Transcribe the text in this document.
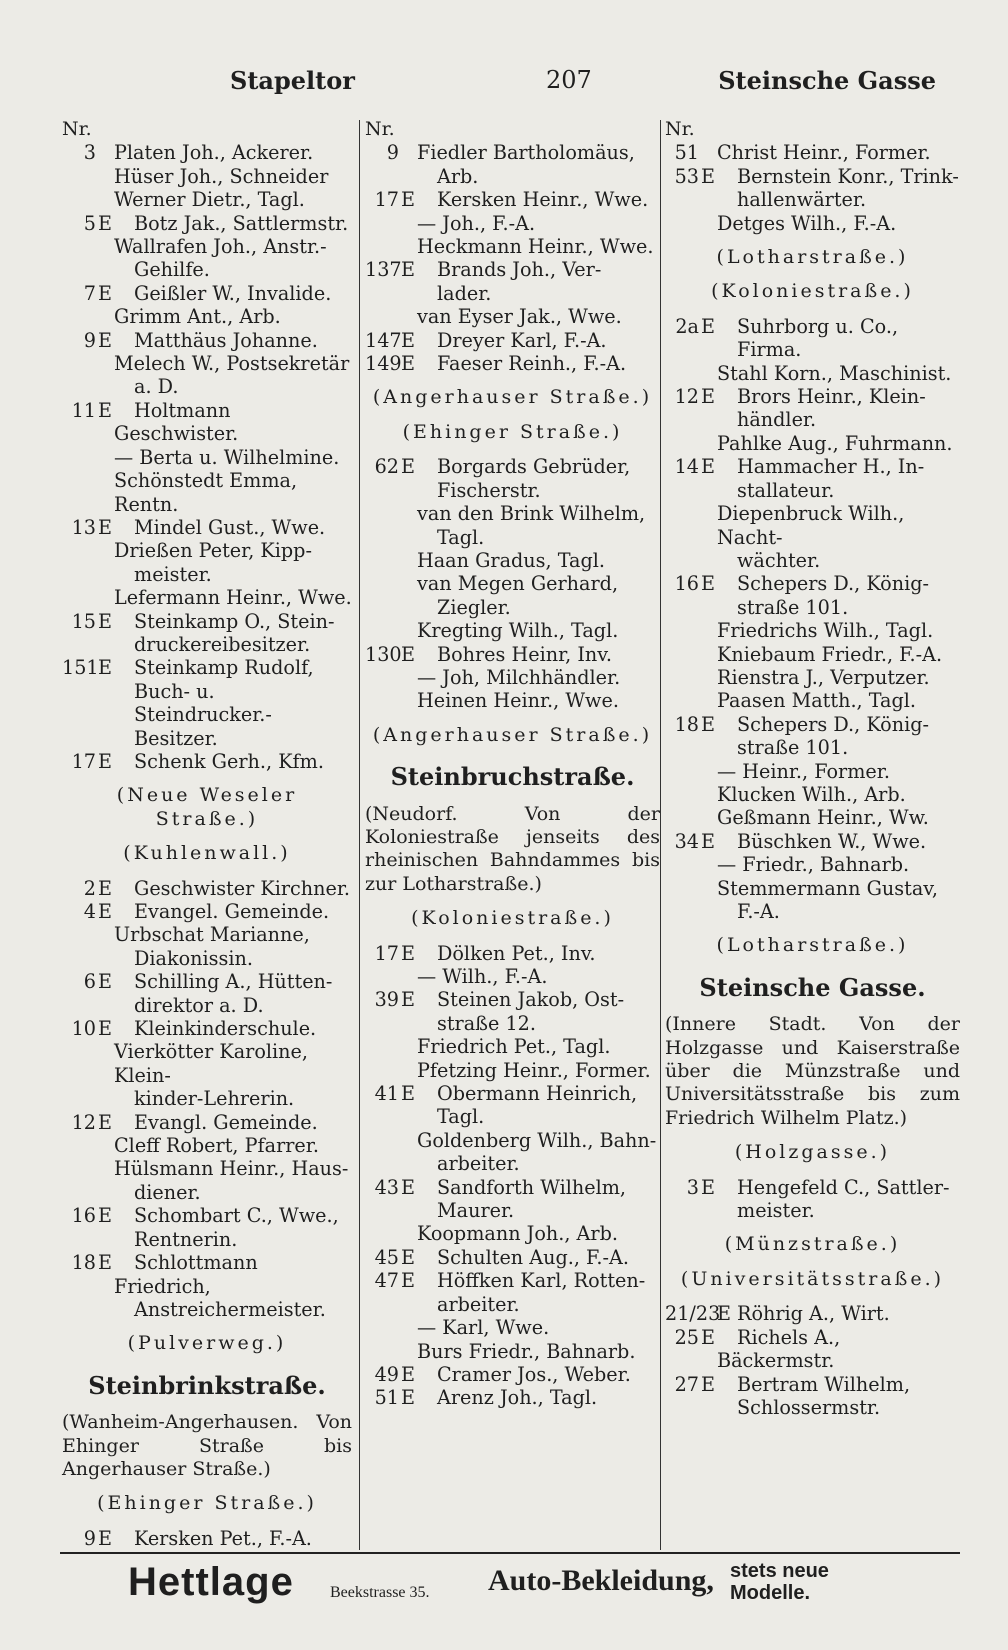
Stapeltor	207	Steinsche Gasse
Nr.
3 Platen Joh., Ackerer.
Hüser Joh., Schneider
Werner Dietr., Tagl.
5 E Botz Jak., Sattlermstr.
Wallrafen Joh., Anstr.-
Gehilfe.
7 E Geißler W., Invalide.
Grimm Ant., Arb.
9 E Matthäus Johanne.
Melech W., Postsekretär
a. D.
11 E Holtmann Geschwister.
— Berta u. Wilhelmine.
Schönstedt Emma, Rentn.
13 E Mindel Gust., Wwe.
Drießen Peter, Kipp-
meister.
Lefermann Heinr., Wwe.
15 E Steinkamp O., Stein-
druckereibesitzer.
151 E Steinkamp Rudolf,
Buch- u. Steindrucker.-
Besitzer.
17 E Schenk Gerh., Kfm.
(Neue Weseler Straße.)
(Kuhlenwall.)
2 E Geschwister Kirchner.
4 E Evangel. Gemeinde.
Urbschat Marianne,
Diakonissin.
6 E Schilling A., Hütten-
direktor a. D.
10 E Kleinkinderschule.
Vierkötter Karoline, Klein-
kinder-Lehrerin.
12 E Evangl. Gemeinde.
Cleff Robert, Pfarrer.
Hülsmann Heinr., Haus-
diener.
16 E Schombart C., Wwe.,
Rentnerin.
18 E Schlottmann Friedrich,
Anstreichermeister.
(Pulverweg.)
Steinbrinkstraße.
(Wanheim-Angerhausen. Von Ehinger Straße bis Angerhauser Straße.)
(Ehinger Straße.)
9 E Kersken Pet., F.-A.
Nr.
9 Fiedler Bartholomäus,
Arb.
17 E Kersken Heinr., Wwe.
— Joh., F.-A.
Heckmann Heinr., Wwe.
137 E Brands Joh., Ver-
lader.
van Eyser Jak., Wwe.
147 E Dreyer Karl, F.-A.
149 E Faeser Reinh., F.-A.
(Angerhauser Straße.)
(Ehinger Straße.)
62 E Borgards Gebrüder,
Fischerstr.
van den Brink Wilhelm,
Tagl.
Haan Gradus, Tagl.
van Megen Gerhard,
Ziegler.
Kregting Wilh., Tagl.
130 E Bohres Heinr, Inv.
— Joh, Milchhändler.
Heinen Heinr., Wwe.
(Angerhauser Straße.)
Steinbruchstraße.
(Neudorf. Von der Koloniestraße jenseits des rheinischen Bahndammes bis zur Lotharstraße.)
(Koloniestraße.)
17 E Dölken Pet., Inv.
— Wilh., F.-A.
39 E Steinen Jakob, Ost-
straße 12.
Friedrich Pet., Tagl.
Pfetzing Heinr., Former.
41 E Obermann Heinrich,
Tagl.
Goldenberg Wilh., Bahn-
arbeiter.
43 E Sandforth Wilhelm,
Maurer.
Koopmann Joh., Arb.
45 E Schulten Aug., F.-A.
47 E Höffken Karl, Rotten-
arbeiter.
— Karl, Wwe.
Burs Friedr., Bahnarb.
49 E Cramer Jos., Weber.
51 E Arenz Joh., Tagl.
Nr.
51 Christ Heinr., Former.
53 E Bernstein Konr., Trink-
hallenwärter.
Detges Wilh., F.-A.
(Lotharstraße.)
(Koloniestraße.)
2a E Suhrborg u. Co.,
Firma.
Stahl Korn., Maschinist.
12 E Brors Heinr., Klein-
händler.
Pahlke Aug., Fuhrmann.
14 E Hammacher H., In-
stallateur.
Diepenbruck Wilh., Nacht-
wächter.
16 E Schepers D., König-
straße 101.
Friedrichs Wilh., Tagl.
Kniebaum Friedr., F.-A.
Rienstra J., Verputzer.
Paasen Matth., Tagl.
18 E Schepers D., König-
straße 101.
— Heinr., Former.
Klucken Wilh., Arb.
Geßmann Heinr., Ww.
34 E Büschken W., Wwe.
— Friedr., Bahnarb.
Stemmermann Gustav,
F.-A.
(Lotharstraße.)
Steinsche Gasse.
(Innere Stadt. Von der Holzgasse und Kaiserstraße über die Münzstraße und Universitätsstraße bis zum Friedrich Wilhelm Platz.)
(Holzgasse.)
3 E Hengefeld C., Sattler-
meister.
(Münzstraße.)
(Universitätsstraße.)
21/23
E Röhrig A., Wirt.
25 E Richels A., Bäckermstr.
27 E Bertram Wilhelm,
Schlossermstr.
Hettlage Beekstrasse 35. Auto-Bekleidung, stets neue
Modelle.
